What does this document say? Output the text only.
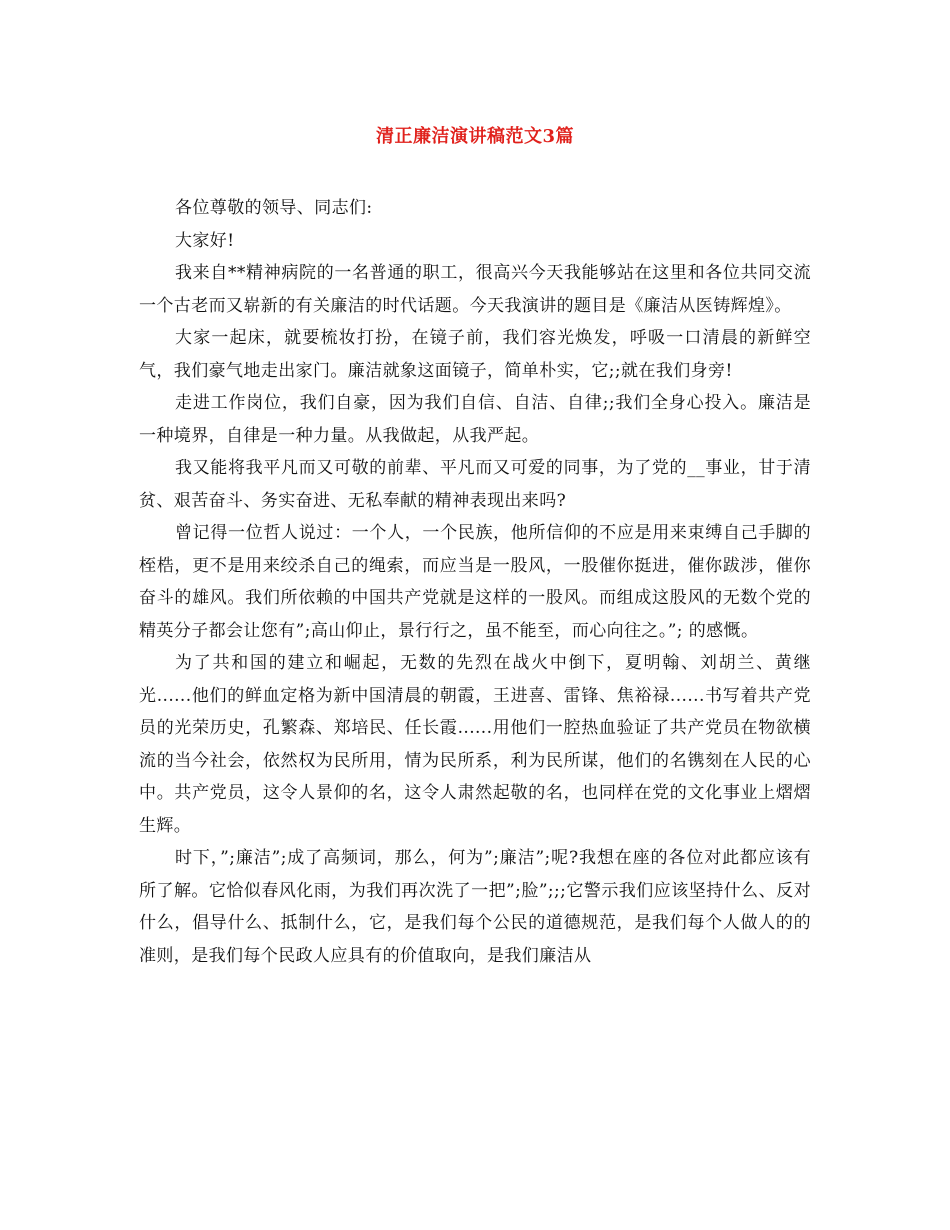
清正廉洁演讲稿范文3篇

各位尊敬的领导、同志们:

大家好!

我来自**精神病院的一名普通的职工，很高兴今天我能够站在这里和各位共同交流一个古老而又崭新的有关廉洁的时代话题。今天我演讲的题目是《廉洁从医铸辉煌》。

大家一起床，就要梳妆打扮，在镜子前，我们容光焕发，呼吸一口清晨的新鲜空气，我们豪气地走出家门。廉洁就象这面镜子，简单朴实，它;;就在我们身旁!

走进工作岗位，我们自豪，因为我们自信、自洁、自律;;我们全身心投入。廉洁是一种境界，自律是一种力量。从我做起，从我严起。

我又能将我平凡而又可敬的前辈、平凡而又可爱的同事，为了党的__事业，甘于清贫、艰苦奋斗、务实奋进、无私奉献的精神表现出来吗?

曾记得一位哲人说过：一个人，一个民族，他所信仰的不应是用来束缚自己手脚的桎梏，更不是用来绞杀自己的绳索，而应当是一股风，一股催你挺进，催你跋涉，催你奋斗的雄风。我们所依赖的中国共产党就是这样的一股风。而组成这股风的无数个党的精英分子都会让您有”;高山仰止，景行行之，虽不能至，而心向往之。”; 的感慨。

为了共和国的建立和崛起，无数的先烈在战火中倒下，夏明翰、刘胡兰、黄继光......他们的鲜血定格为新中国清晨的朝霞，王进喜、雷锋、焦裕禄......书写着共产党员的光荣历史，孔繁森、郑培民、任长霞......用他们一腔热血验证了共产党员在物欲横流的当今社会，依然权为民所用，情为民所系，利为民所谋，他们的名镌刻在人民的心中。共产党员，这令人景仰的名，这令人肃然起敬的名，也同样在党的文化事业上熠熠生辉。

时下，”;廉洁”;成了高频词，那么，何为”;廉洁”;呢?我想在座的各位对此都应该有所了解。它恰似春风化雨，为我们再次洗了一把”;脸”;;;它警示我们应该坚持什么、反对什么，倡导什么、抵制什么，它，是我们每个公民的道德规范，是我们每个人做人的的准则，是我们每个民政人应具有的价值取向，是我们廉洁从
